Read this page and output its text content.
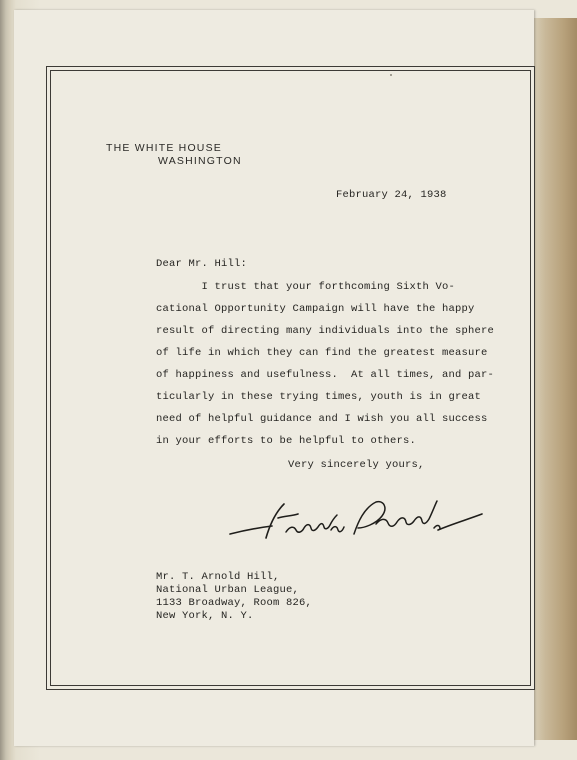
THE WHITE HOUSE
WASHINGTON
February 24, 1938
Dear Mr. Hill:
I trust that your forthcoming Sixth Vo-
cational Opportunity Campaign will have the happy
result of directing many individuals into the sphere
of life in which they can find the greatest measure
of happiness and usefulness.  At all times, and par-
ticularly in these trying times, youth is in great
need of helpful guidance and I wish you all success
in your efforts to be helpful to others.
Very sincerely yours,
Mr. T. Arnold Hill,
National Urban League,
1133 Broadway, Room 826,
New York, N. Y.
